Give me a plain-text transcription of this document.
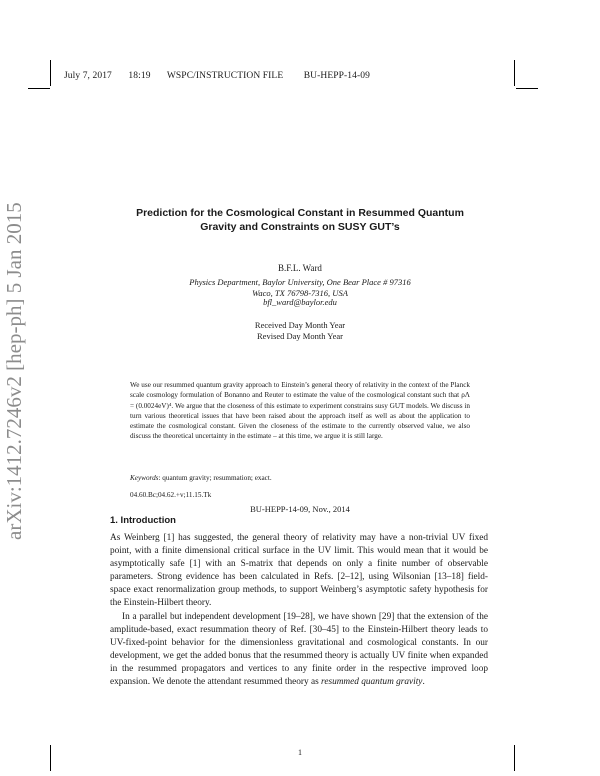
July 7, 2017 18:19 WSPC/INSTRUCTION FILE BU-HEPP-14-09
arXiv:1412.7246v2 [hep-ph] 5 Jan 2015	Prediction for the Cosmological Constant in Resummed Quantum
Gravity and Constraints on SUSY GUT’s
B.F.L. Ward
Physics Department, Baylor University, One Bear Place # 97316
Waco, TX 76798-7316, USA
bfl_ward@baylor.edu
Received Day Month Year
Revised Day Month Year
We use our resummed quantum gravity approach to Einstein’s general theory of relativity in the context of the Planck scale cosmology formulation of Bonanno and Reuter to estimate the value of the cosmological constant such that ρΛ = (0.0024eV)⁴. We argue that the closeness of this estimate to experiment constrains susy GUT models. We discuss in turn various theoretical issues that have been raised about the approach itself as well as about the application to estimate the cosmological constant. Given the closeness of the estimate to the currently observed value, we also discuss the theoretical uncertainty in the estimate – at this time, we argue it is still large.
Keywords: quantum gravity; resummation; exact.
04.60.Bc;04.62.+v;11.15.Tk
BU-HEPP-14-09, Nov., 2014
1. Introduction

As Weinberg [1] has suggested, the general theory of relativity may have a non-trivial UV fixed point, with a finite dimensional critical surface in the UV limit. This would mean that it would be asymptotically safe [1] with an S-matrix that depends on only a finite number of observable parameters. Strong evidence has been calculated in Refs. [2–12], using Wilsonian [13–18] field-space exact renormalization group methods, to support Weinberg’s asymptotic safety hypothesis for the Einstein-Hilbert theory.

In a parallel but independent development [19–28], we have shown [29] that the extension of the amplitude-based, exact resummation theory of Ref. [30–45] to the Einstein-Hilbert theory leads to UV-fixed-point behavior for the dimensionless gravitational and cosmological constants. In our development, we get the added bonus that the resummed theory is actually UV finite when expanded in the resummed propagators and vertices to any finite order in the respective improved loop expansion. We denote the attendant resummed theory as resummed quantum gravity.

1
